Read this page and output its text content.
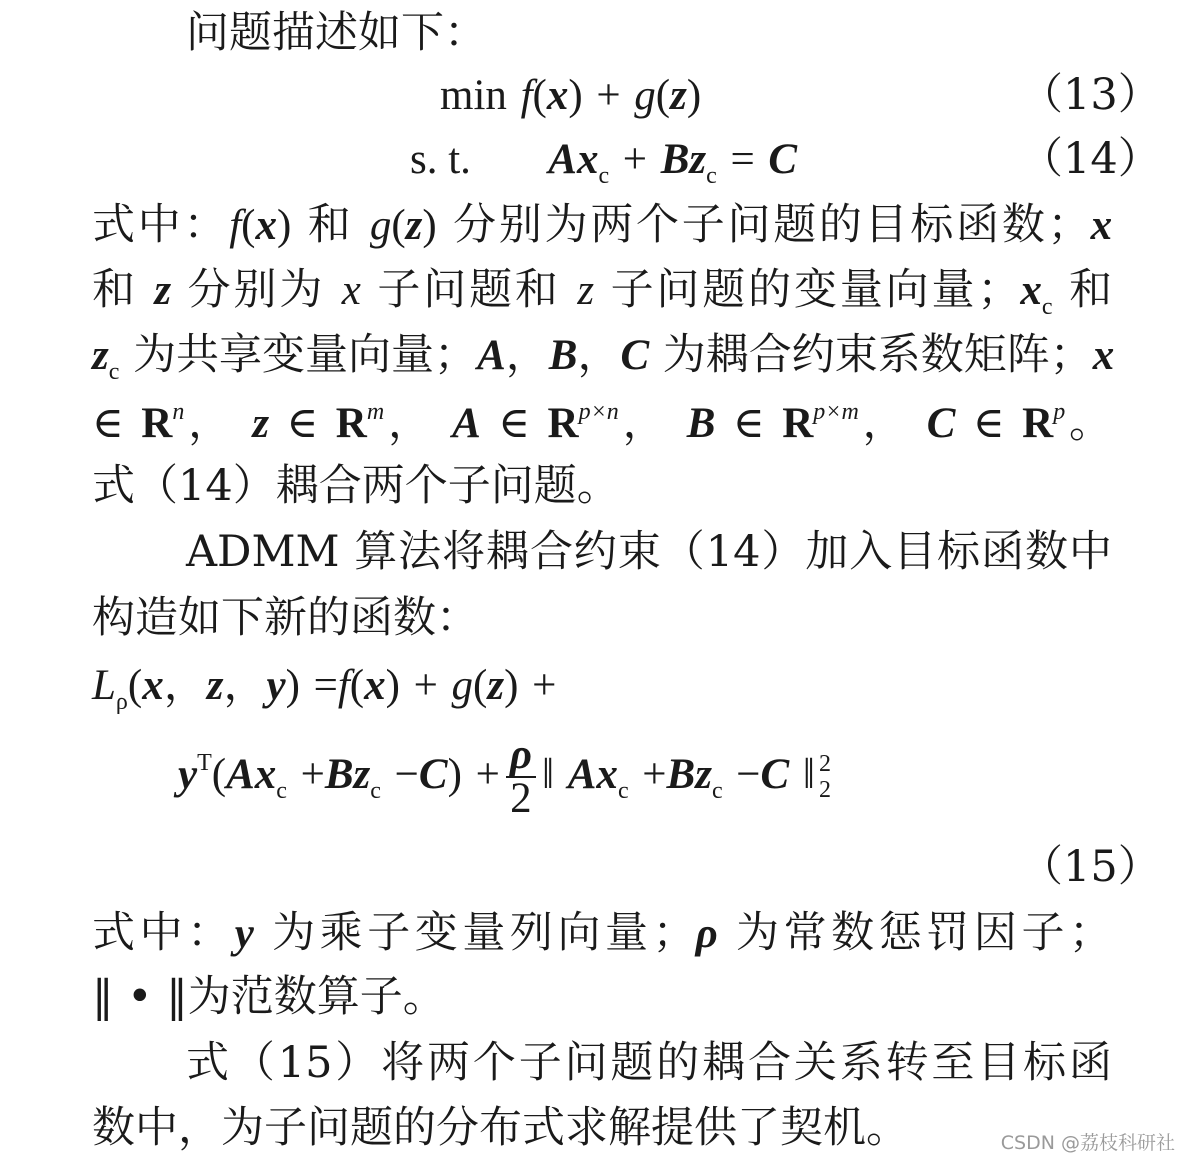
问题描述如下：
min f(x) + g(z)	（13）
s. t. $Ax_c + Bz_c = C$	（14）
式中：f(x) 和 g(z) 分别为两个子问题的目标函数；x
和 z 分别为 x 子问题和 z 子问题的变量向量；$x_c$ 和
$z_c$ 为共享变量向量；A，B，C 为耦合约束系数矩阵；x
∈ $R^n$， z ∈ $R^m$， A ∈ $R^{p\times n}$， B ∈ $R^{p\times m}$， C ∈ $R^p$。
式（14）耦合两个子问题。
ADMM 算法将耦合约束（14）加入目标函数中
构造如下新的函数：
$L_\rho(x$，z，y) =f(x) + g(z) +
$y^T(Ax_c +Bz_c -C) + \frac{\rho}{2}$ ‖ $Ax_c +Bz_c -C$ ‖ 2
2
（15）
式中：y 为乘子变量列向量；ρ 为常数惩罚因子；
‖ • ‖为范数算子。
式（15）将两个子问题的耦合关系转至目标函
数中，为子问题的分布式求解提供了契机。	CSDN @荔枝科研社
